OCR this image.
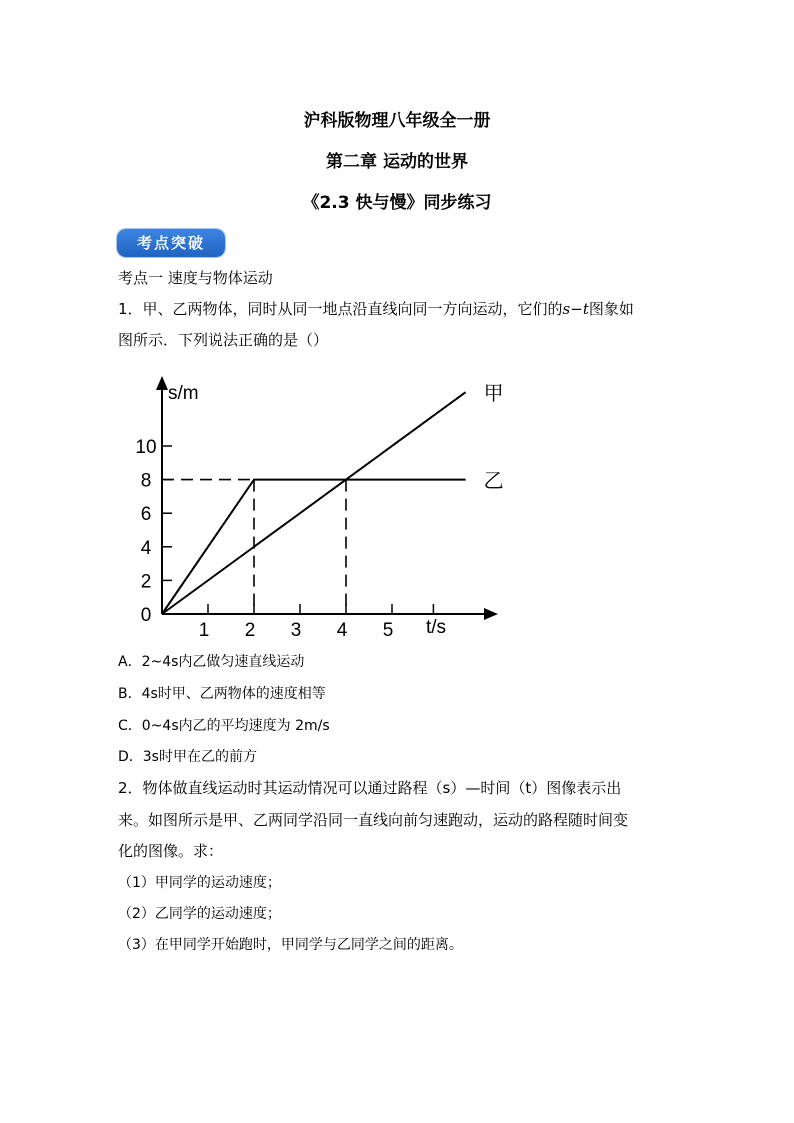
沪科版物理八年级全一册
第二章 运动的世界
《2.3 快与慢》同步练习
考点突破
考点一 速度与物体运动
1．甲、乙两物体，同时从同一地点沿直线向同一方向运动，它们的s−t图象如
图所示．下列说法正确的是（）
1 2 3 4 5
0
2
4
6
8
10
s/m
t/s
甲
乙
A．2~4s内乙做匀速直线运动
B．4s时甲、乙两物体的速度相等
C．0~4s内乙的平均速度为 2m/s
D．3s时甲在乙的前方
2．物体做直线运动时其运动情况可以通过路程（s）—时间（t）图像表示出
来。如图所示是甲、乙两同学沿同一直线向前匀速跑动，运动的路程随时间变
化的图像。求：
（1）甲同学的运动速度；
（2）乙同学的运动速度；
（3）在甲同学开始跑时，甲同学与乙同学之间的距离。
